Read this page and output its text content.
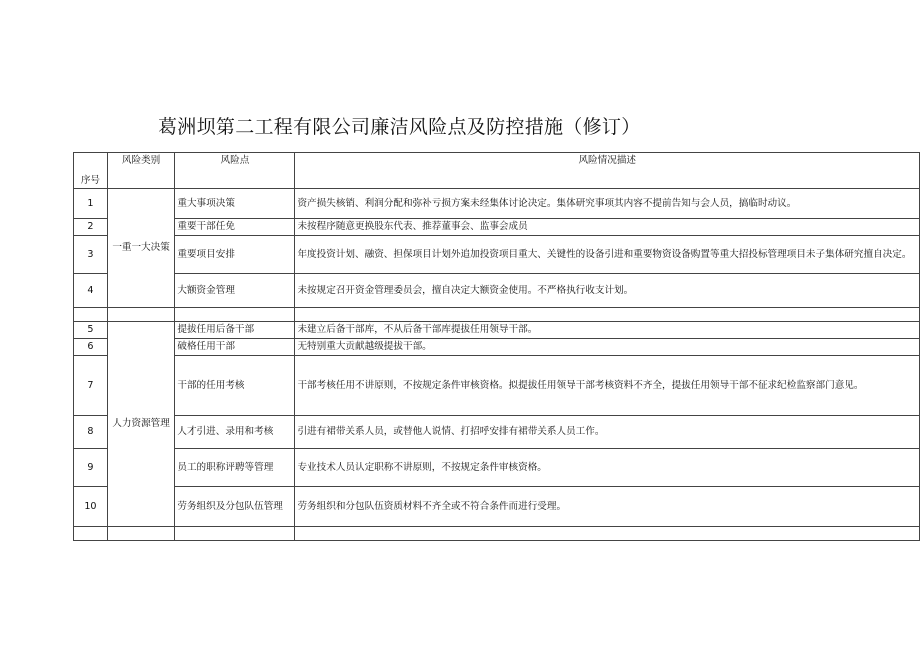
葛洲坝第二工程有限公司廉洁风险点及防控措施（修订）
序号	风险类别	风险点	风险情况描述
1	一重一大决策	重大事项决策	资产损失核销、利润分配和弥补亏损方案未经集体讨论决定。集体研究事项其内容不提前告知与会人员，搞临时动议。
2		重要干部任免	未按程序随意更换股东代表、推荐董事会、监事会成员
3		重要项目安排	年度投资计划、融资、担保项目计划外追加投资项目重大、关键性的设备引进和重要物资设备购置等重大招投标管理项目未子集体研究擅自决定。
4		大额资金管理	未按规定召开资金管理委员会，擅自决定大额资金使用。不严格执行收支计划。

5	人力资源管理	提拔任用后备干部	未建立后备干部库，不从后备干部库提拔任用领导干部。
6		破格任用干部	无特别重大贡献越级提拔干部。
7		干部的任用考核	干部考核任用不讲原则，不按规定条件审核资格。拟提拔任用领导干部考核资料不齐全，提拔任用领导干部不征求纪检监察部门意见。
8		人才引进、录用和考核	引进有裙带关系人员，或替他人说情、打招呼安排有裙带关系人员工作。
9		员工的职称评聘等管理	专业技术人员认定职称不讲原则，不按规定条件审核资格。
10		劳务组织及分包队伍管理	劳务组织和分包队伍资质材料不齐全或不符合条件而进行受理。
